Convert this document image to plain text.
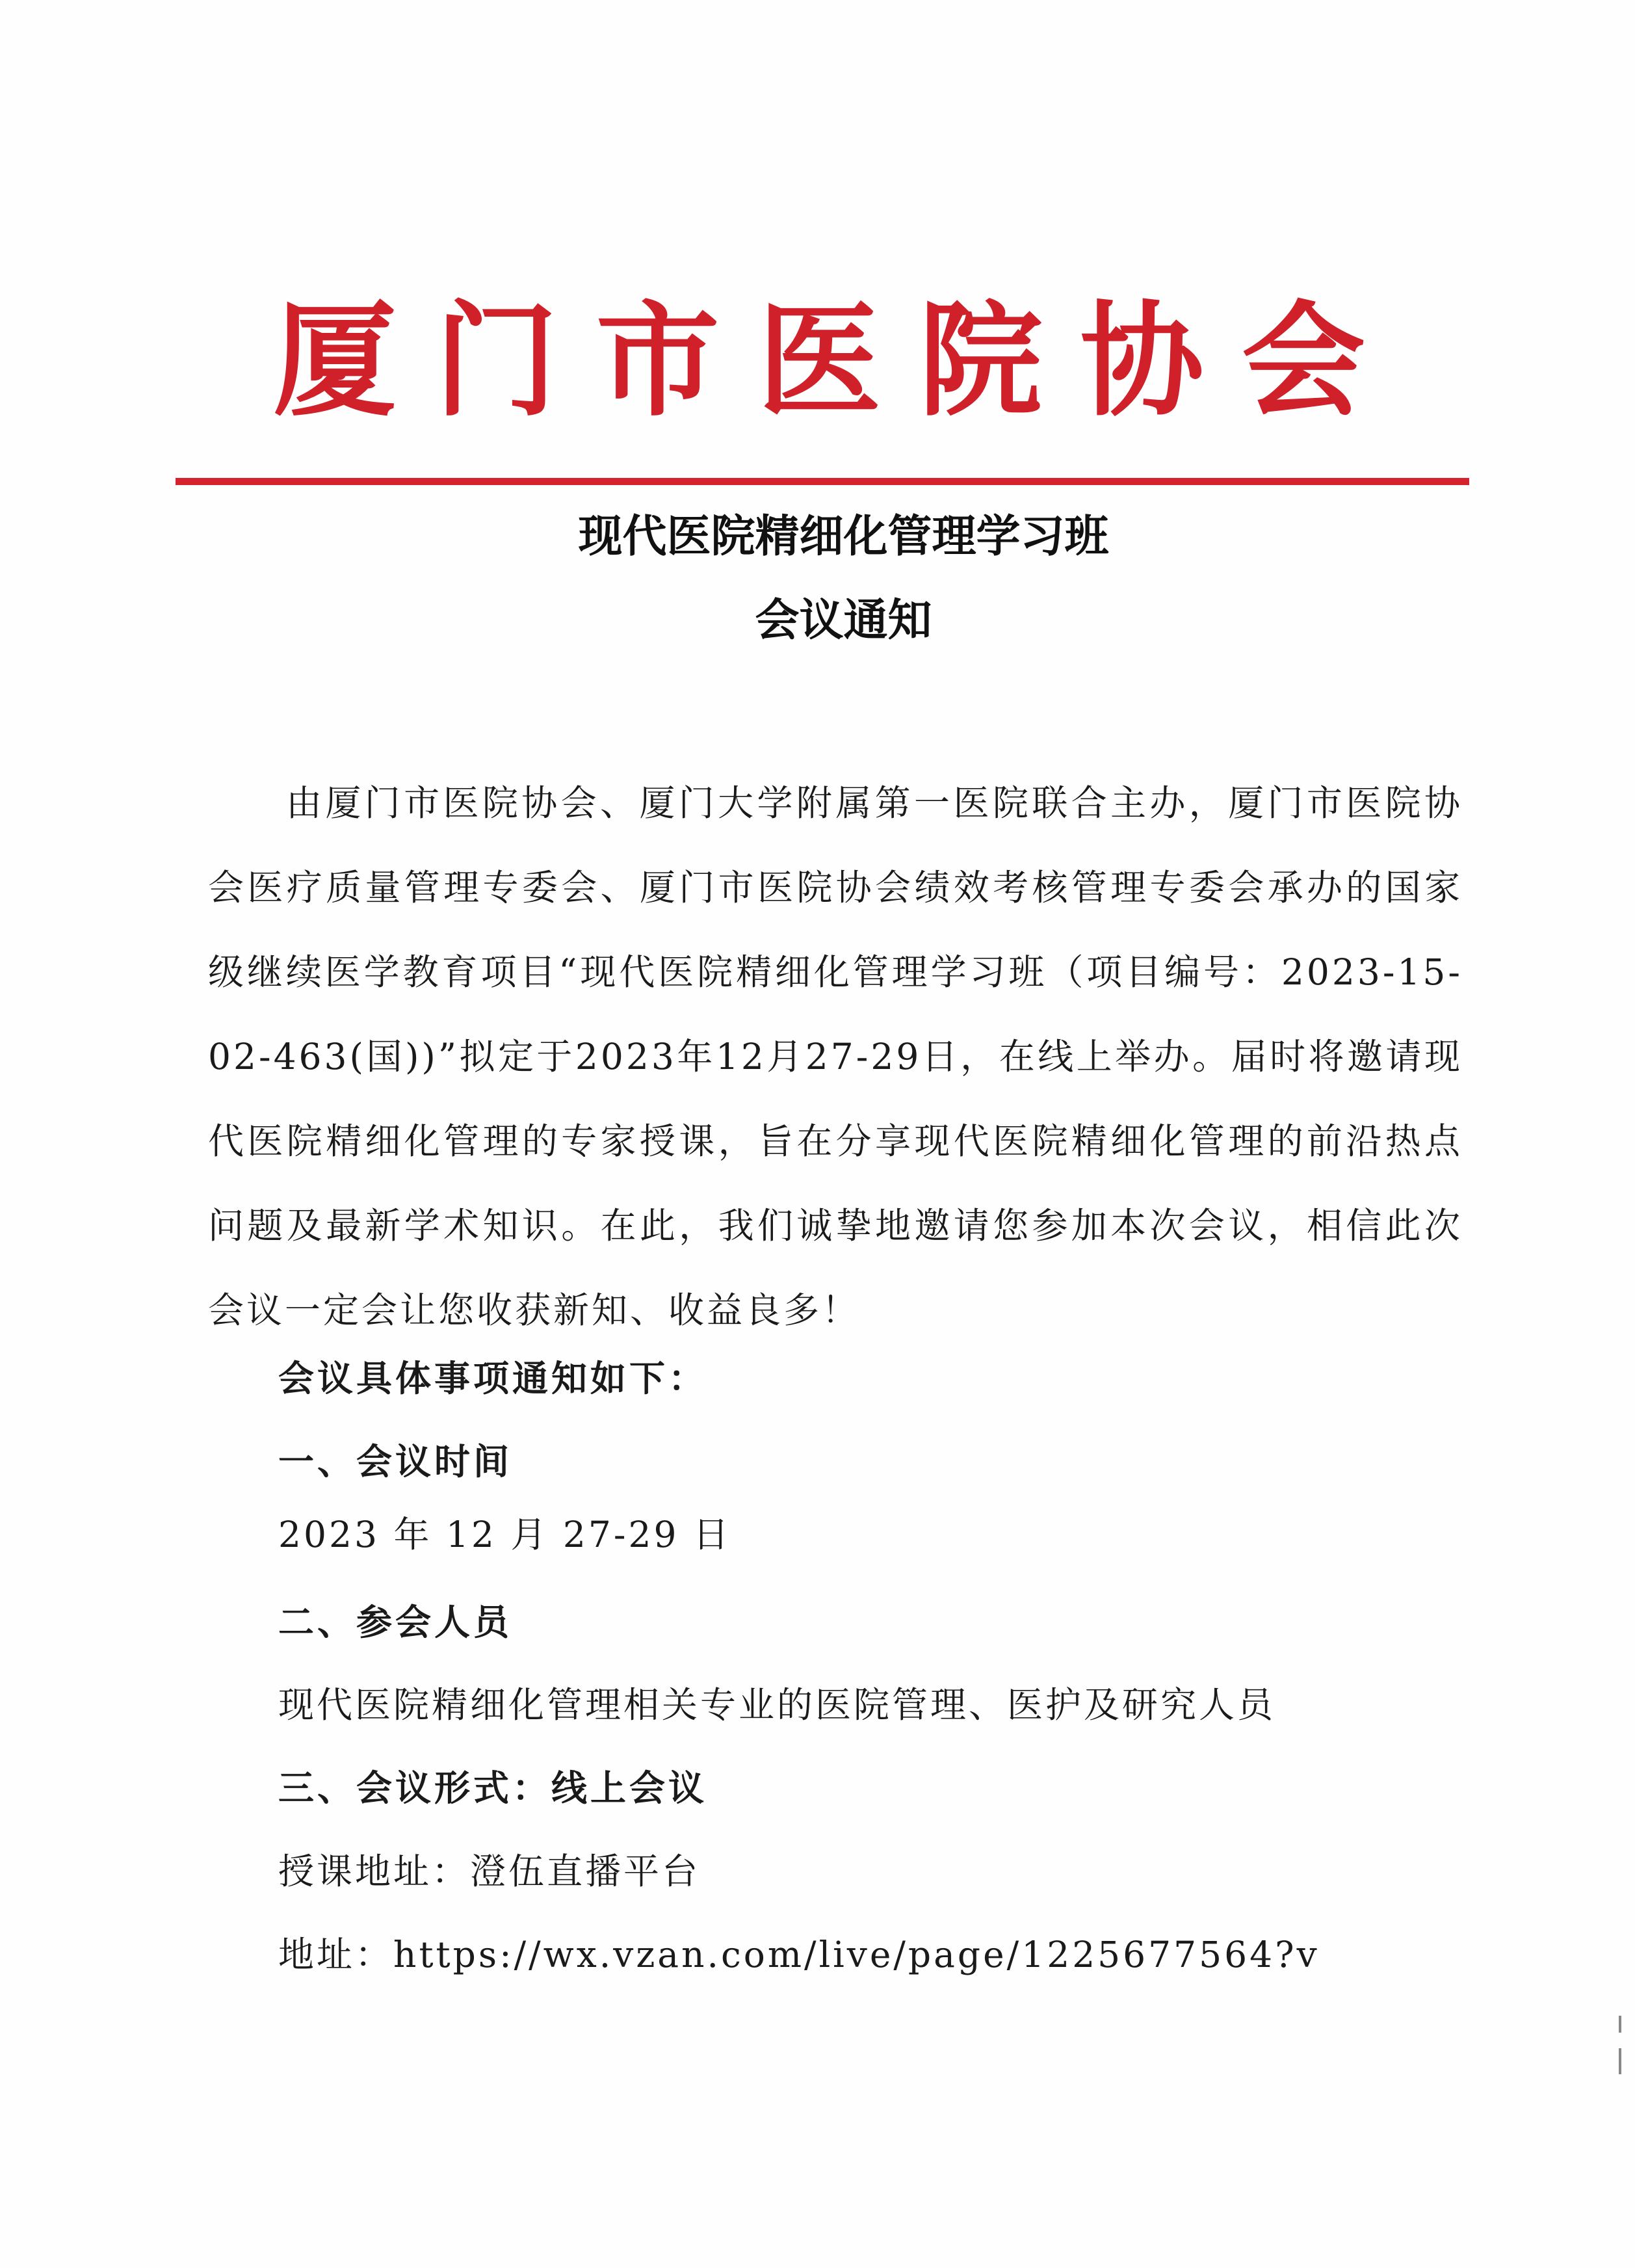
厦 门 市 医 院 协 会
现代医院精细化管理学习班
会议通知

由厦门市医院协会、厦门大学附属第一医院联合主办，厦门市医院协会医疗质量管理专委会、厦门市医院协会绩效考核管理专委会承办的国家级继续医学教育项目“现代医院精细化管理学习班（项目编号：2023-15-02-463(国))”拟定于2023年12月27-29日，在线上举办。届时将邀请现代医院精细化管理的专家授课，旨在分享现代医院精细化管理的前沿热点问题及最新学术知识。在此，我们诚挚地邀请您参加本次会议，相信此次会议一定会让您收获新知、收益良多！

会议具体事项通知如下：
一、会议时间
2023 年 12 月 27-29 日
二、参会人员
现代医院精细化管理相关专业的医院管理、医护及研究人员
三、会议形式：线上会议
授课地址：澄伍直播平台
地址：https://wx.vzan.com/live/page/1225677564?v
